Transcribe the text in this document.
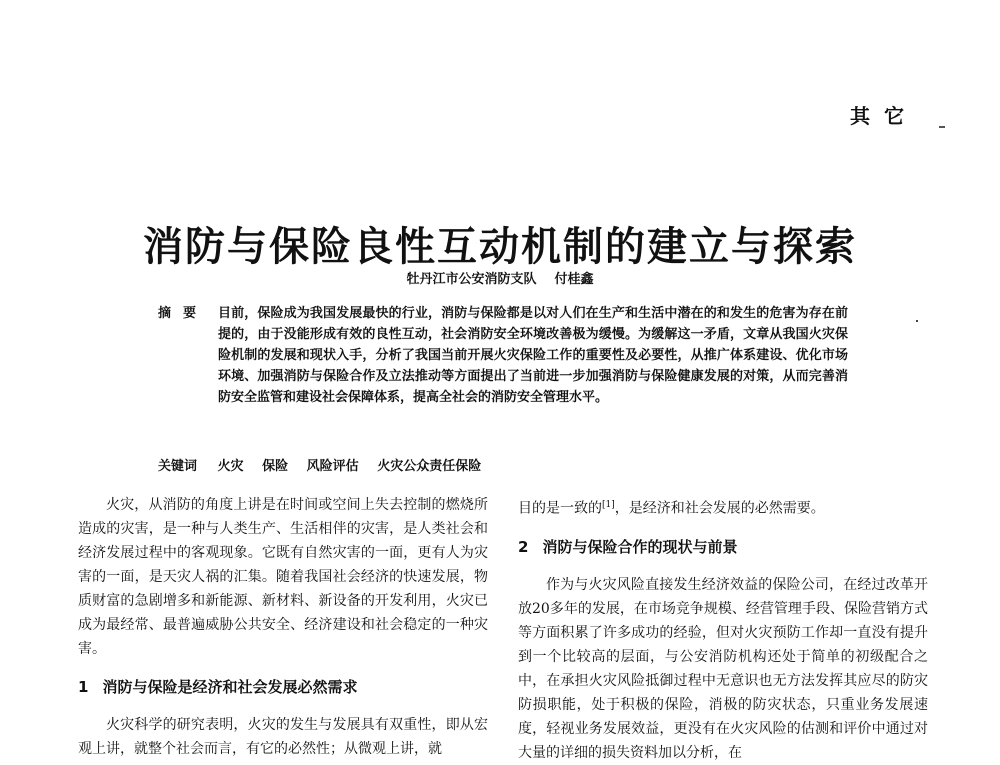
其它
消防与保险良性互动机制的建立与探索
牡丹江市公安消防支队 付桂鑫
摘要 目前，保险成为我国发展最快的行业，消防与保险都是以对人们在生产和生活中潜在的和发生的危害为存在前提的，由于没能形成有效的良性互动，社会消防安全环境改善极为缓慢。为缓解这一矛盾，文章从我国火灾保险机制的发展和现状入手，分析了我国当前开展火灾保险工作的重要性及必要性，从推广体系建设、优化市场环境、加强消防与保险合作及立法推动等方面提出了当前进一步加强消防与保险健康发展的对策，从而完善消防安全监管和建设社会保障体系，提高全社会的消防安全管理水平。
关键词 火灾 保险 风险评估 火灾公众责任保险

火灾，从消防的角度上讲是在时间或空间上失去控制的燃烧所造成的灾害，是一种与人类生产、生活相伴的灾害，是人类社会和经济发展过程中的客观现象。它既有自然灾害的一面，更有人为灾害的一面，是天灾人祸的汇集。随着我国社会经济的快速发展，物质财富的急剧增多和新能源、新材料、新设备的开发利用，火灾已成为最经常、最普遍威胁公共安全、经济建设和社会稳定的一种灾害。

1 消防与保险是经济和社会发展必然需求

火灾科学的研究表明，火灾的发生与发展具有双重性，即从宏观上讲，就整个社会而言，有它的必然性；从微观上讲，就

目的是一致的[1]，是经济和社会发展的必然需要。

2 消防与保险合作的现状与前景

作为与火灾风险直接发生经济效益的保险公司，在经过改革开放20多年的发展，在市场竞争规模、经营管理手段、保险营销方式等方面积累了许多成功的经验，但对火灾预防工作却一直没有提升到一个比较高的层面，与公安消防机构还处于简单的初级配合之中，在承担火灾风险抵御过程中无意识也无方法发挥其应尽的防灾防损职能，处于积极的保险，消极的防灾状态，只重业务发展速度，轻视业务发展效益，更没有在火灾风险的估测和评价中通过对大量的详细的损失资料加以分析，在
